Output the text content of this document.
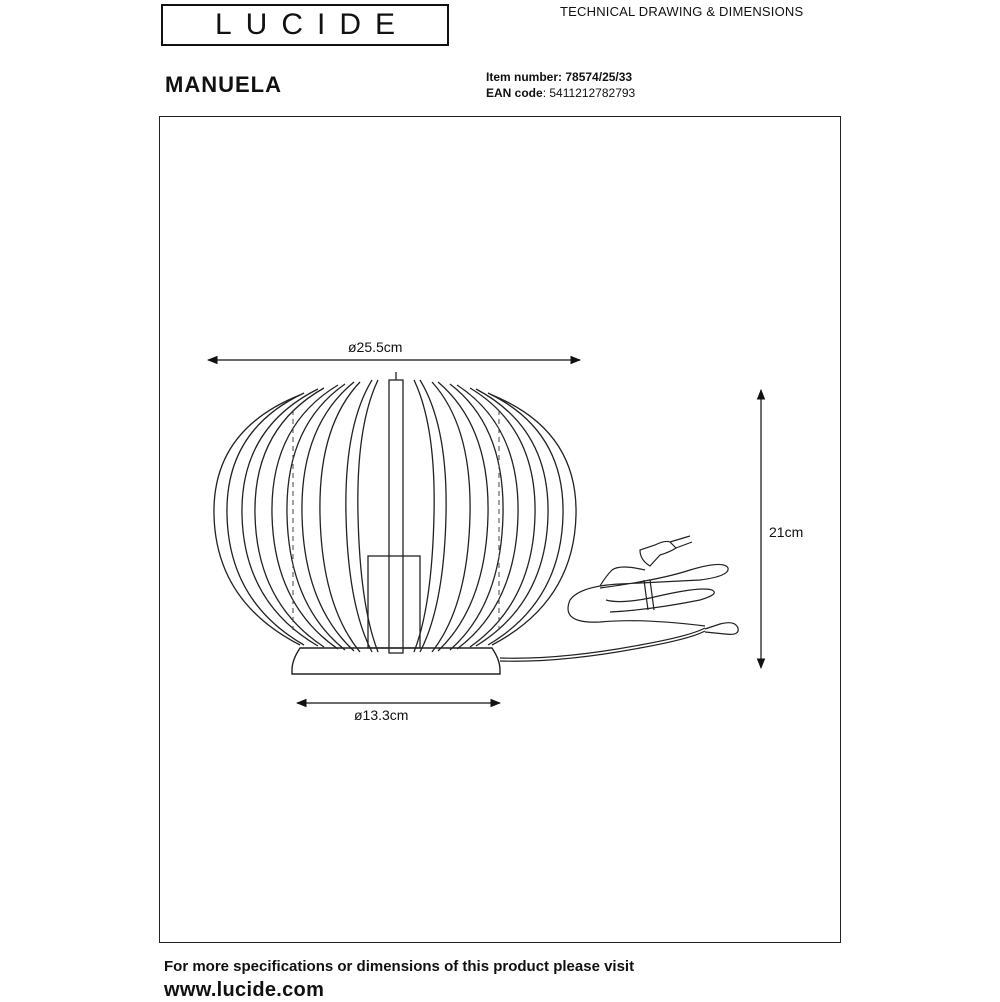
LUCIDE	TECHNICAL DRAWING & DIMENSIONS
MANUELA	Item number: 78574/25/33
EAN code: 5411212782793
ø25.5cm
ø13.3cm
21cm
For more specifications or dimensions of this product please visit
www.lucide.com
